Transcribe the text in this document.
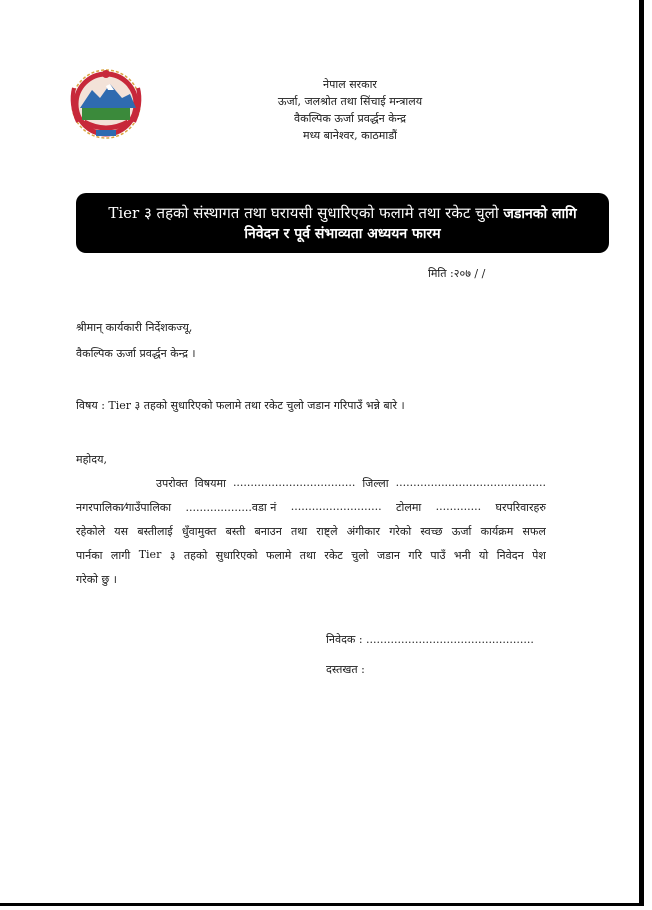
नेपाल सरकार
ऊर्जा, जलश्रोत तथा सिंचाई मन्त्रालय
वैकल्पिक ऊर्जा प्रवर्द्धन केन्द्र
मध्य बानेश्वर, काठमाडौं
Tier ३ तहको संस्थागत तथा घरायसी सुधारिएको फलामे तथा रकेट चुलो जडानको लागि
निवेदन र पूर्व संभाव्यता अध्ययन फारम
मिति :२०७ / /
श्रीमान् कार्यकारी निर्देशकज्यू,
वैकल्पिक ऊर्जा प्रवर्द्धन केन्द्र ।
विषय : Tier ३ तहको सुधारिएको फलामे तथा रकेट चुलो जडान गरिपाउँ भन्ने बारे ।
महोदय,
उपरोक्त विषयमा ................................... जिल्ला ...........................................
नगरपालिका⁄गाउँपालिका ...................वडा नं .......................... टोलमा ............. घरपरिवारहरु
रहेकोले यस बस्तीलाई धुँवामुक्त बस्ती बनाउन तथा राष्ट्ले अंगीकार गरेको स्वच्छ ऊर्जा कार्यक्रम सफल
पार्नका लागी Tier ३ तहको सुधारिएको फलामे तथा रकेट चुलो जडान गरि पाउँ भनी यो निवेदन पेश
गरेको छु ।
निवेदक : ................................................
दस्तखत :
